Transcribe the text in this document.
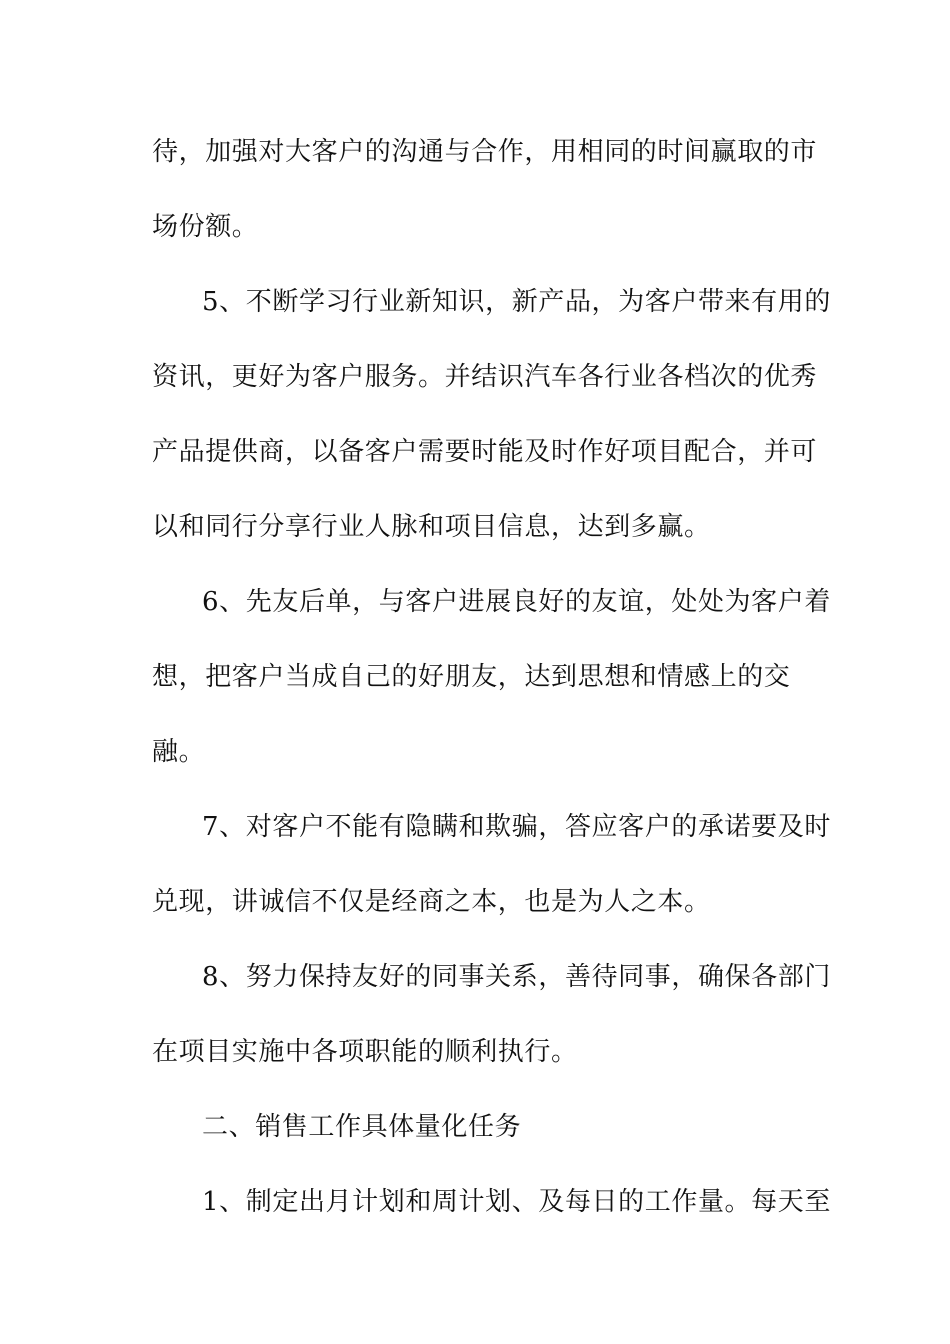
待，加强对大客户的沟通与合作，用相同的时间赢取的市
场份额。
5、不断学习行业新知识，新产品，为客户带来有用的
资讯，更好为客户服务。并结识汽车各行业各档次的优秀
产品提供商，以备客户需要时能及时作好项目配合，并可
以和同行分享行业人脉和项目信息，达到多赢。
6、先友后单，与客户进展良好的友谊，处处为客户着
想，把客户当成自己的好朋友，达到思想和情感上的交
融。
7、对客户不能有隐瞒和欺骗，答应客户的承诺要及时
兑现，讲诚信不仅是经商之本，也是为人之本。
8、努力保持友好的同事关系，善待同事，确保各部门
在项目实施中各项职能的顺利执行。
二、销售工作具体量化任务
1、制定出月计划和周计划、及每日的工作量。每天至
